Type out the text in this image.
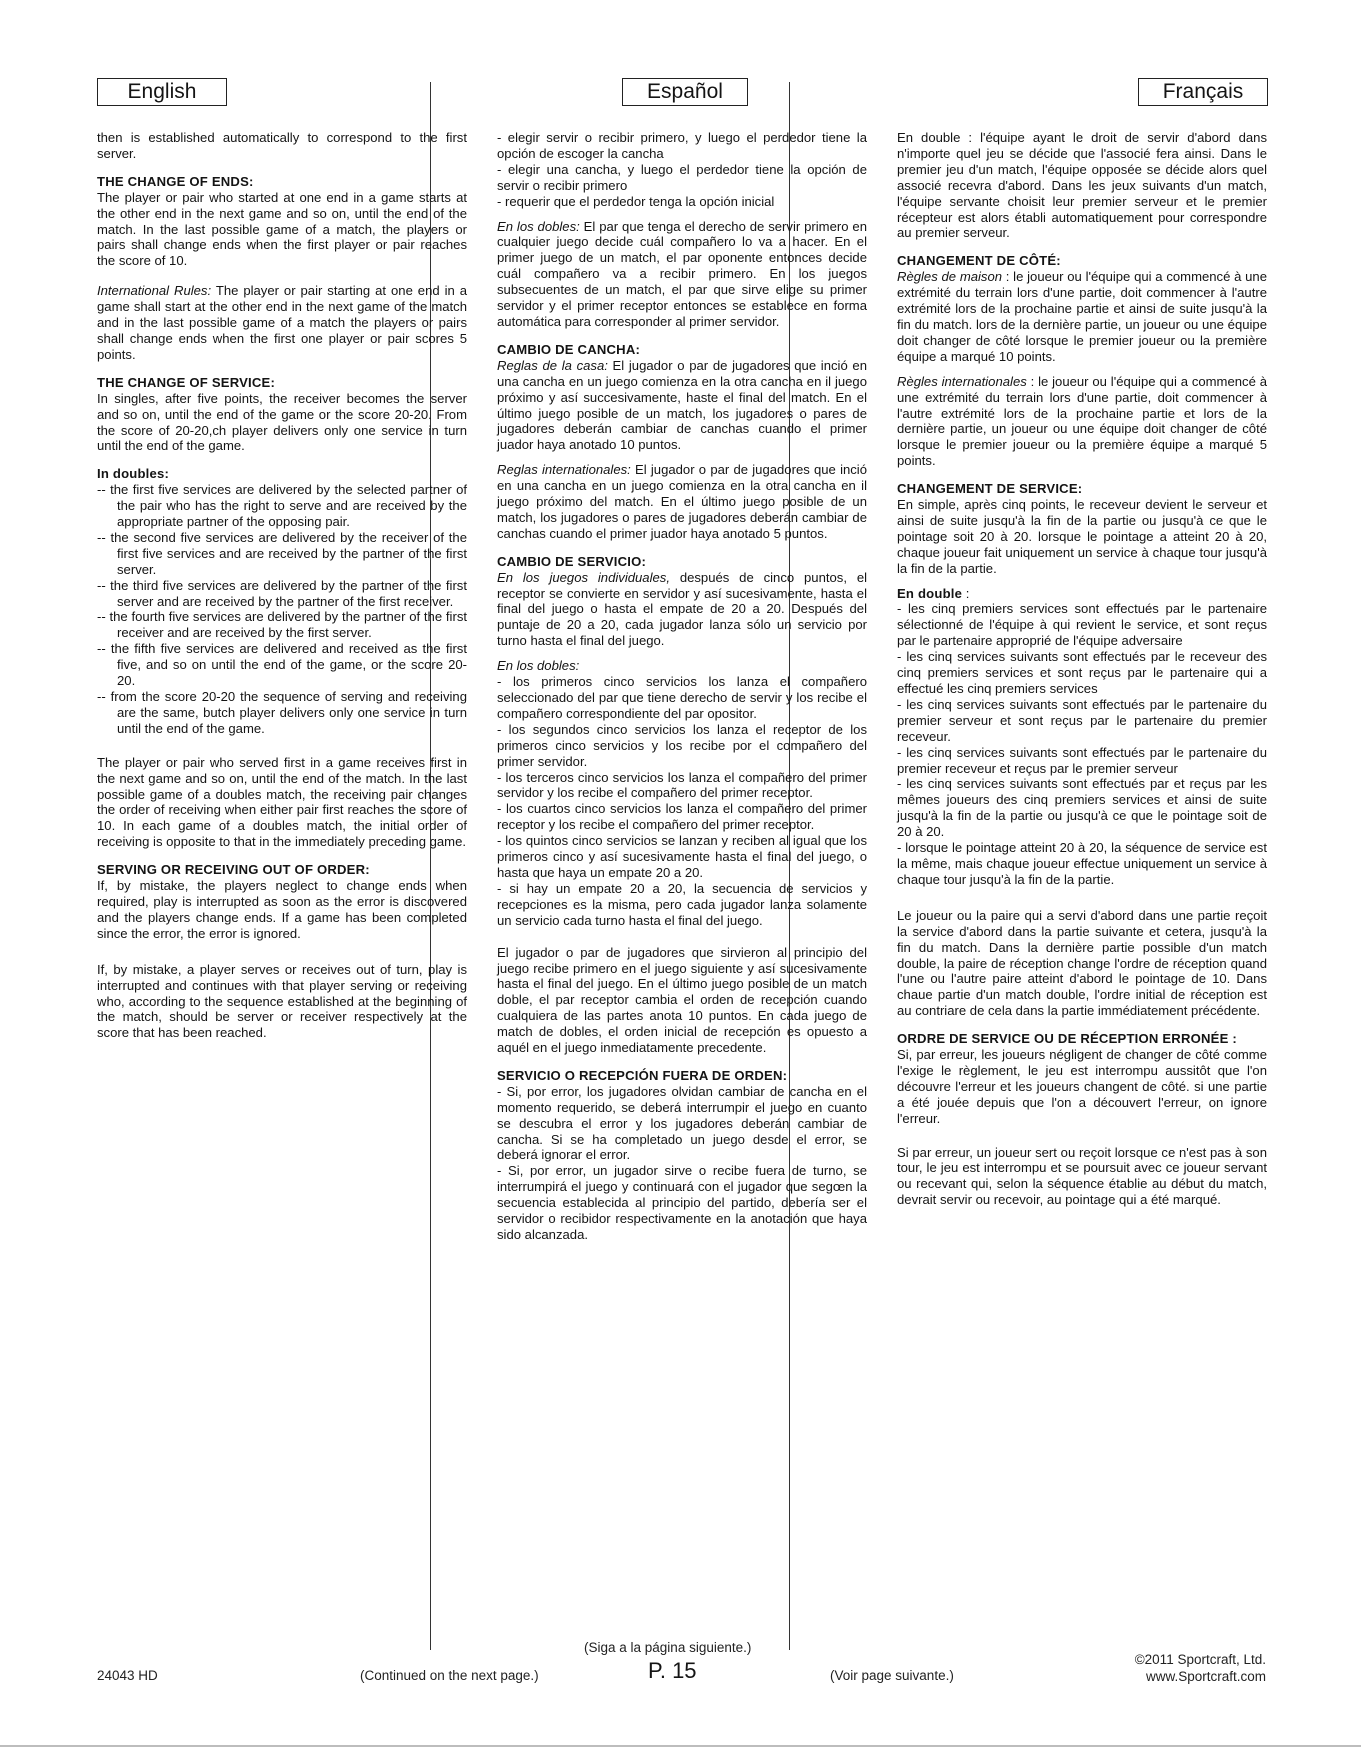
English	Español	Français

then is established automatically to correspond to the first server.

THE CHANGE OF ENDS:

The player or pair who started at one end in a game starts at the other end in the next game and so on, until the end of the match. In the last possible game of a match, the players or pairs shall change ends when the first player or pair reaches the score of 10.

International Rules: The player or pair starting at one end in a game shall start at the other end in the next game of the match and in the last possible game of a match the players or pairs shall change ends when the first one player or pair scores 5 points.

THE CHANGE OF SERVICE:

In singles, after five points, the receiver becomes the server and so on, until the end of the game or the score 20-20. From the score of 20-20,ch player delivers only one service in turn until the end of the game.

In doubles:

-- the first five services are delivered by the selected partner of the pair who has the right to serve and are received by the appropriate partner of the opposing pair.

-- the second five services are delivered by the receiver of the first five services and are received by the partner of the first server.

-- the third five services are delivered by the partner of the first server and are received by the partner of the first receiver.

-- the fourth five services are delivered by the partner of the first receiver and are received by the first server.

-- the fifth five services are delivered and received as the first five, and so on until the end of the game, or the score 20-20.

-- from the score 20-20 the sequence of serving and receiving are the same, butch player delivers only one service in turn until the end of the game.

The player or pair who served first in a game receives first in the next game and so on, until the end of the match. In the last possible game of a doubles match, the receiving pair changes the order of receiving when either pair first reaches the score of 10. In each game of a doubles match, the initial order of receiving is opposite to that in the immediately preceding game.

SERVING OR RECEIVING OUT OF ORDER:

If, by mistake, the players neglect to change ends when required, play is interrupted as soon as the error is discovered and the players change ends. If a game has been completed since the error, the error is ignored.

If, by mistake, a player serves or receives out of turn, play is interrupted and continues with that player serving or receiving who, according to the sequence established at the beginning of the match, should be server or receiver respectively at the score that has been reached.

- elegir servir o recibir primero, y luego el perdedor tiene la opción de escoger la cancha

- elegir una cancha, y luego el perdedor tiene la opción de servir o recibir primero

- requerir que el perdedor tenga la opción inicial

En los dobles: El par que tenga el derecho de servir primero en cualquier juego decide cuál compañero lo va a hacer. En el primer juego de un match, el par oponente entonces decide cuál compañero va a recibir primero. En los juegos subsecuentes de un match, el par que sirve elige su primer servidor y el primer receptor entonces se establece en forma automática para corresponder al primer servidor.

CAMBIO DE CANCHA:

Reglas de la casa: El jugador o par de jugadores que inció en una cancha en un juego comienza en la otra cancha en il juego próximo y así succesivamente, haste el final del match. En el último juego posible de un match, los jugadores o pares de jugadores deberán cambiar de canchas cuando el primer juador haya anotado 10 puntos.

Reglas internationales: El jugador o par de jugadores que inció en una cancha en un juego comienza en la otra cancha en il juego próximo del match. En el último juego posible de un match, los jugadores o pares de jugadores deberán cambiar de canchas cuando el primer juador haya anotado 5 puntos.

CAMBIO DE SERVICIO:

En los juegos individuales, después de cinco puntos, el receptor se convierte en servidor y así sucesivamente, hasta el final del juego o hasta el empate de 20 a 20. Después del puntaje de 20 a 20, cada jugador lanza sólo un servicio por turno hasta el final del juego.

En los dobles:

- los primeros cinco servicios los lanza el compañero seleccionado del par que tiene derecho de servir y los recibe el compañero correspondiente del par opositor.

- los segundos cinco servicios los lanza el receptor de los primeros cinco servicios y los recibe por el compañero del primer servidor.

- los terceros cinco servicios los lanza el compañero del primer servidor y los recibe el compañero del primer receptor.

- los cuartos cinco servicios los lanza el compañero del primer receptor y los recibe el compañero del primer receptor.

- los quintos cinco servicios se lanzan y reciben al igual que los primeros cinco y así sucesivamente hasta el final del juego, o hasta que haya un empate 20 a 20.

- si hay un empate 20 a 20, la secuencia de servicios y recepciones es la misma, pero cada jugador lanza solamente un servicio cada turno hasta el final del juego.

El jugador o par de jugadores que sirvieron al principio del juego recibe primero en el juego siguiente y así sucesivamente hasta el final del juego. En el último juego posible de un match doble, el par receptor cambia el orden de recepción cuando cualquiera de las partes anota 10 puntos. En cada juego de match de dobles, el orden inicial de recepción es opuesto a aquél en el juego inmediatamente precedente.

SERVICIO O RECEPCIÓN FUERA DE ORDEN:

- Si, por error, los jugadores olvidan cambiar de cancha en el momento requerido, se deberá interrumpir el juego en cuanto se descubra el error y los jugadores deberán cambiar de cancha. Si se ha completado un juego desde el error, se deberá ignorar el error.

- Si, por error, un jugador sirve o recibe fuera de turno, se interrumpirá el juego y continuará con el jugador que segœn la secuencia establecida al principio del partido, debería ser el servidor o recibidor respectivamente en la anotación que haya sido alcanzada.

En double : l'équipe ayant le droit de servir d'abord dans n'importe quel jeu se décide que l'associé fera ainsi. Dans le premier jeu d'un match, l'équipe opposée se décide alors quel associé recevra d'abord. Dans les jeux suivants d'un match, l'équipe servante choisit leur premier serveur et le premier récepteur est alors établi automatiquement pour correspondre au premier serveur.

CHANGEMENT DE CÔTÉ:

Règles de maison : le joueur ou l'équipe qui a commencé à une extrémité du terrain lors d'une partie, doit commencer à l'autre extrémité lors de la prochaine partie et ainsi de suite jusqu'à la fin du match. lors de la dernière partie, un joueur ou une équipe doit changer de côté lorsque le premier joueur ou la première équipe a marqué 10 points.

Règles internationales : le joueur ou l'équipe qui a commencé à une extrémité du terrain lors d'une partie, doit commencer à l'autre extrémité lors de la prochaine partie et lors de la dernière partie, un joueur ou une équipe doit changer de côté lorsque le premier joueur ou la première équipe a marqué 5 points.

CHANGEMENT DE SERVICE:

En simple, après cinq points, le receveur devient le serveur et ainsi de suite jusqu'à la fin de la partie ou jusqu'à ce que le pointage soit 20 à 20. lorsque le pointage a atteint 20 à 20, chaque joueur fait uniquement un service à chaque tour jusqu'à la fin de la partie.

En double :

- les cinq premiers services sont effectués par le partenaire sélectionné de l'équipe à qui revient le service, et sont reçus par le partenaire approprié de l'équipe adversaire

- les cinq services suivants sont effectués par le receveur des cinq premiers services et sont reçus par le partenaire qui a effectué les cinq premiers services

- les cinq services suivants sont effectués par le partenaire du premier serveur et sont reçus par le partenaire du premier receveur.

- les cinq services suivants sont effectués par le partenaire du premier receveur et reçus par le premier serveur

- les cinq services suivants sont effectués par et reçus par les mêmes joueurs des cinq premiers services et ainsi de suite jusqu'à la fin de la partie ou jusqu'à ce que le pointage soit de 20 à 20.

- lorsque le pointage atteint 20 à 20, la séquence de service est la même, mais chaque joueur effectue uniquement un service à chaque tour jusqu'à la fin de la partie.

Le joueur ou la paire qui a servi d'abord dans une partie reçoit la service d'abord dans la partie suivante et cetera, jusqu'à la fin du match. Dans la dernière partie possible d'un match double, la paire de réception change l'ordre de réception quand l'une ou l'autre paire atteint d'abord le pointage de 10. Dans chaue partie d'un match double, l'ordre initial de réception est au contriare de cela dans la partie immédiatement précédente.

ORDRE DE SERVICE OU DE RÉCEPTION ERRONÉE :

Si, par erreur, les joueurs négligent de changer de côté comme l'exige le règlement, le jeu est interrompu aussitôt que l'on découvre l'erreur et les joueurs changent de côté. si une partie a été jouée depuis que l'on a découvert l'erreur, on ignore l'erreur.

Si par erreur, un joueur sert ou reçoit lorsque ce n'est pas à son tour, le jeu est interrompu et se poursuit avec ce joueur servant ou recevant qui, selon la séquence établie au début du match, devrait servir ou recevoir, au pointage qui a été marqué.

24043 HD	(Continued on the next page.)
(Siga a la página siguiente.)
P. 15	(Voir page suivante.)
©2011 Sportcraft, Ltd.
www.Sportcraft.com
